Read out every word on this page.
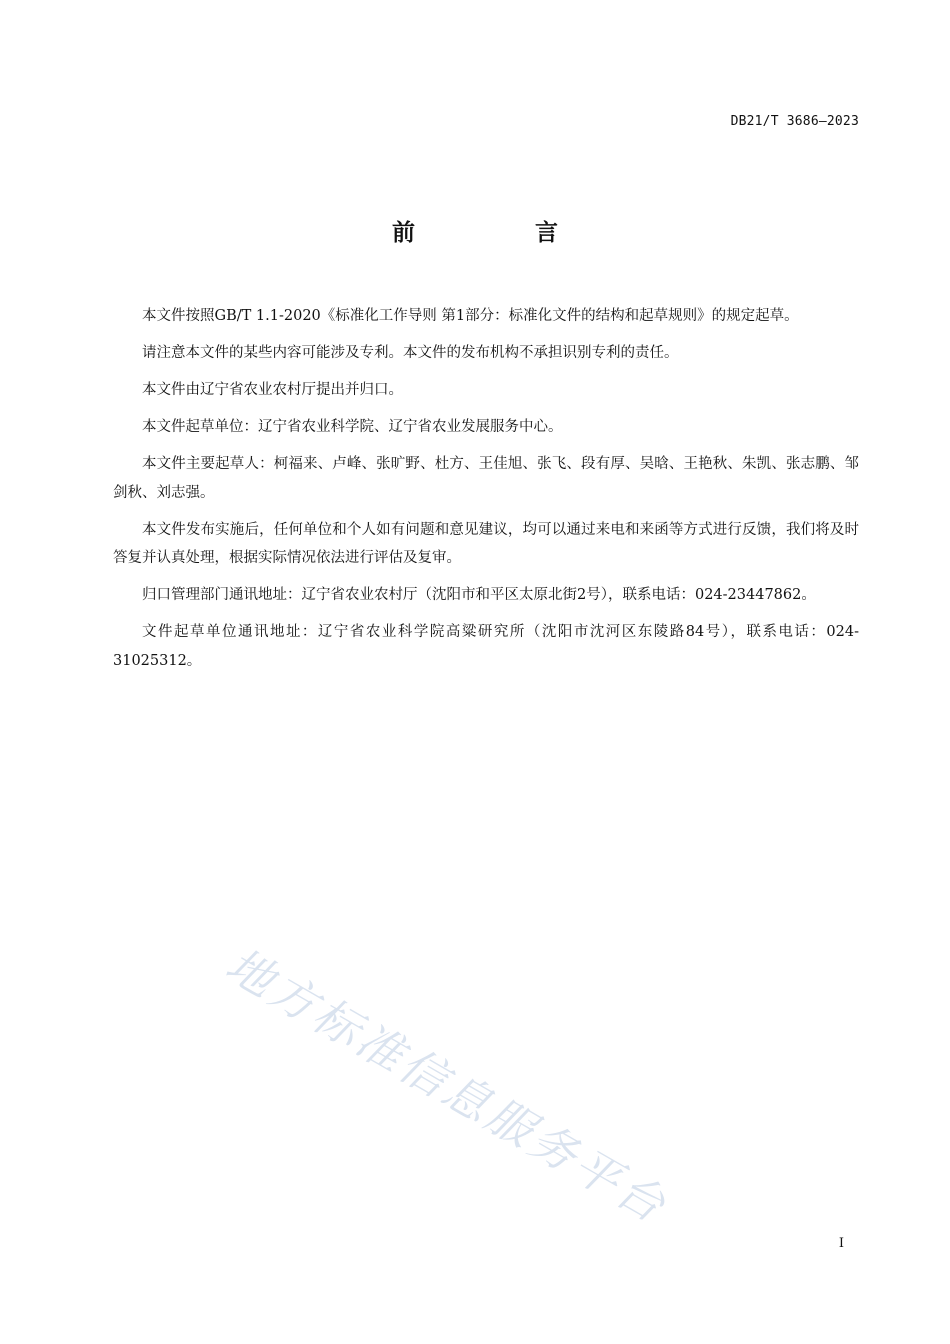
DB21/T 3686—2023
前 言

本文件按照GB/T 1.1-2020《标准化工作导则 第1部分：标准化文件的结构和起草规则》的规定起草。

请注意本文件的某些内容可能涉及专利。本文件的发布机构不承担识别专利的责任。

本文件由辽宁省农业农村厅提出并归口。

本文件起草单位：辽宁省农业科学院、辽宁省农业发展服务中心。

本文件主要起草人：柯福来、卢峰、张旷野、杜方、王佳旭、张飞、段有厚、吴晗、王艳秋、朱凯、张志鹏、邹剑秋、刘志强。

本文件发布实施后，任何单位和个人如有问题和意见建议，均可以通过来电和来函等方式进行反馈，我们将及时答复并认真处理，根据实际情况依法进行评估及复审。

归口管理部门通讯地址：辽宁省农业农村厅（沈阳市和平区太原北街2号），联系电话：024-23447862。

文件起草单位通讯地址：辽宁省农业科学院高粱研究所（沈阳市沈河区东陵路84号），联系电话：024-31025312。

地方标准信息服务平台
I
